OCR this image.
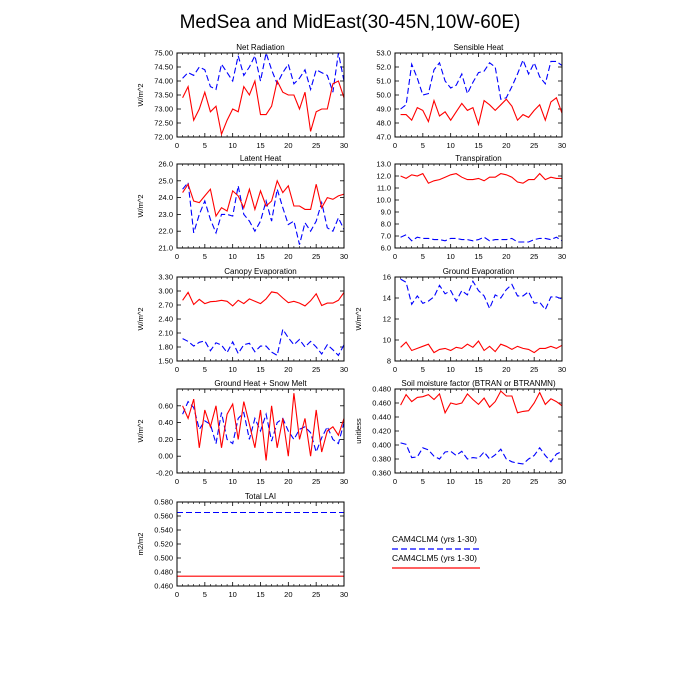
MedSea and MidEast(30-45N,10W-60E)
Net Radiation
0	5	10	15	20	25	30
72.00
72.50
73.00
73.50
74.00
74.50
75.00
W/m^2
Sensible Heat
0	5	10	15	20	25	30
47.0
48.0
49.0
50.0
51.0
52.0
53.0
Latent Heat
0	5	10	15	20	25	30
21.0
22.0
23.0
24.0
25.0
26.0
W/m^2
Transpiration
0	5	10	15	20	25	30
6.0
7.0
8.0
9.0
10.0
11.0
12.0
13.0
Canopy Evaporation
0	5	10	15	20	25	30
1.50
1.80
2.10
2.40
2.70
3.00
3.30
W/m^2
Ground Evaporation
0	5	10	15	20	25	30
8
10
12
14
16
W/m^2
Ground Heat + Snow Melt
0	5	10	15	20	25	30
-0.20
0.00
0.20
0.40
0.60
W/m^2
Soil moisture factor (BTRAN or BTRANMN)
0	5	10	15	20	25	30
0.360
0.380
0.400
0.420
0.440
0.460
0.480
unitless
Total LAI
0	5	10	15	20	25	30
0.460
0.480
0.500
0.520
0.540
0.560
0.580
m2/m2	CAM4CLM4 (yrs 1-30)
CAM4CLM5 (yrs 1-30)
